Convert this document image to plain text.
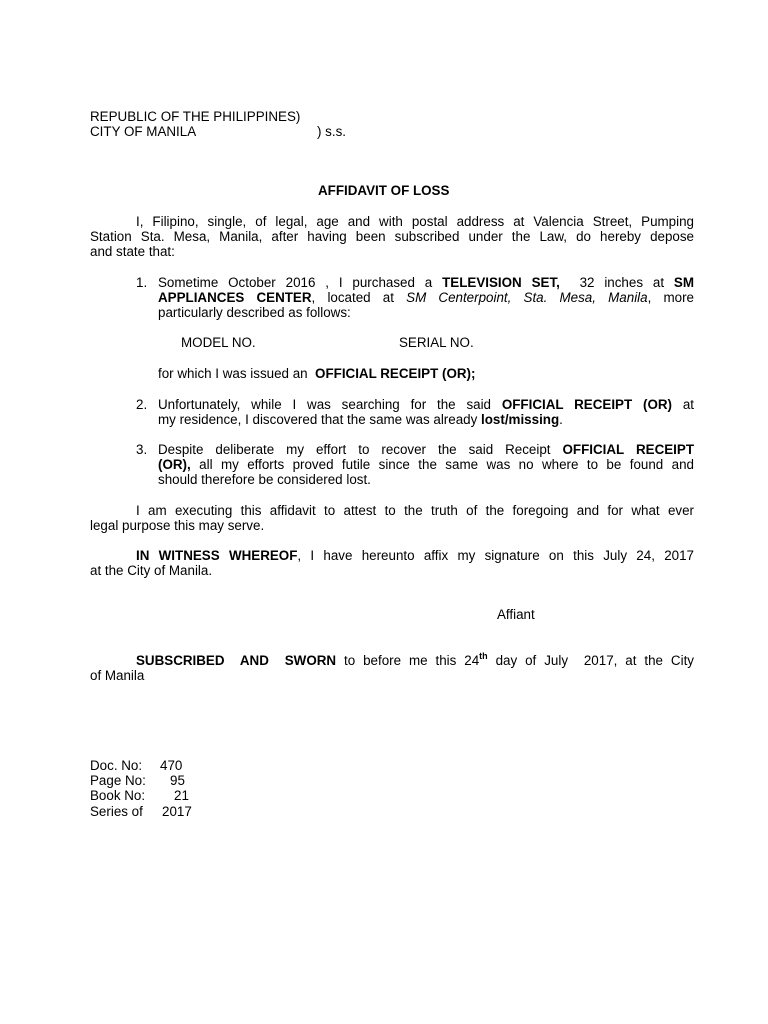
REPUBLIC OF THE PHILIPPINES)
CITY OF MANILA	) s.s.
AFFIDAVIT OF LOSS
I, Filipino, single, of legal, age and with postal address at Valencia Street, Pumping
Station Sta. Mesa, Manila, after having been subscribed under the Law, do hereby depose
and state that:
1. Sometime October 2016 , I purchased a TELEVISION SET,  32 inches at SM
APPLIANCES CENTER, located at SM Centerpoint, Sta. Mesa, Manila, more
particularly described as follows:
MODEL NO.	SERIAL NO.
for which I was issued an  OFFICIAL RECEIPT (OR);
2. Unfortunately, while I was searching for the said OFFICIAL RECEIPT (OR) at
my residence, I discovered that the same was already lost/missing.
3. Despite deliberate my effort to recover the said Receipt OFFICIAL RECEIPT
(OR), all my efforts proved futile since the same was no where to be found and
should therefore be considered lost.
I am executing this affidavit to attest to the truth of the foregoing and for what ever
legal purpose this may serve.
IN WITNESS WHEREOF, I have hereunto affix my signature on this July 24, 2017
at the City of Manila.
Affiant
SUBSCRIBED  AND  SWORN to before me this 24th day of July  2017, at the City
of Manila
Doc. No: 470
Page No: 95
Book No: 21
Series of 2017
